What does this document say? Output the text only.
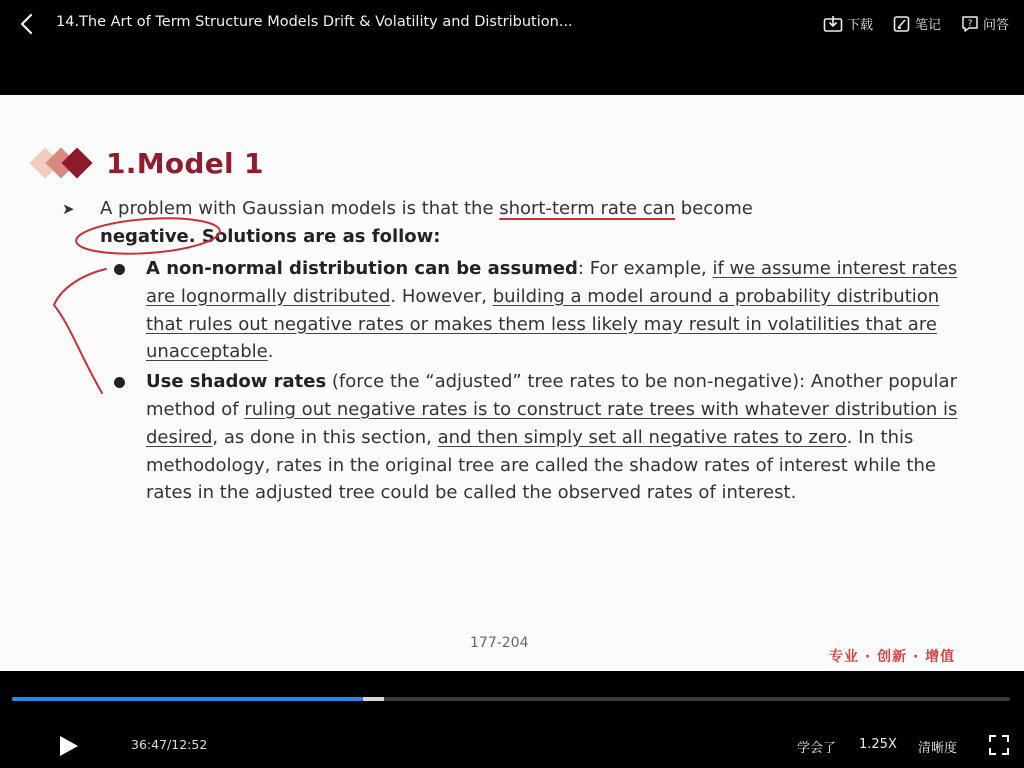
14.The Art of Term Structure Models Drift & Volatility and Distribution...	下载	笔记	? 问答
1.Model 1
➤ A problem with Gaussian models is that the short-term rate can become
negative. Solutions are as follow:
A non-normal distribution can be assumed: For example, if we assume interest rates are lognormally distributed. However, building a model around a probability distribution that rules out negative rates or makes them less likely may result in volatilities that are unacceptable.
Use shadow rates (force the “adjusted” tree rates to be non-negative): Another popular method of ruling out negative rates is to construct rate trees with whatever distribution is desired, as done in this section, and then simply set all negative rates to zero. In this methodology, rates in the original tree are called the shadow rates of interest while the rates in the adjusted tree could be called the observed rates of interest.
177-204
专业 · 创新 · 增值
36:47/12:52	学会了 1.25X 清晰度
